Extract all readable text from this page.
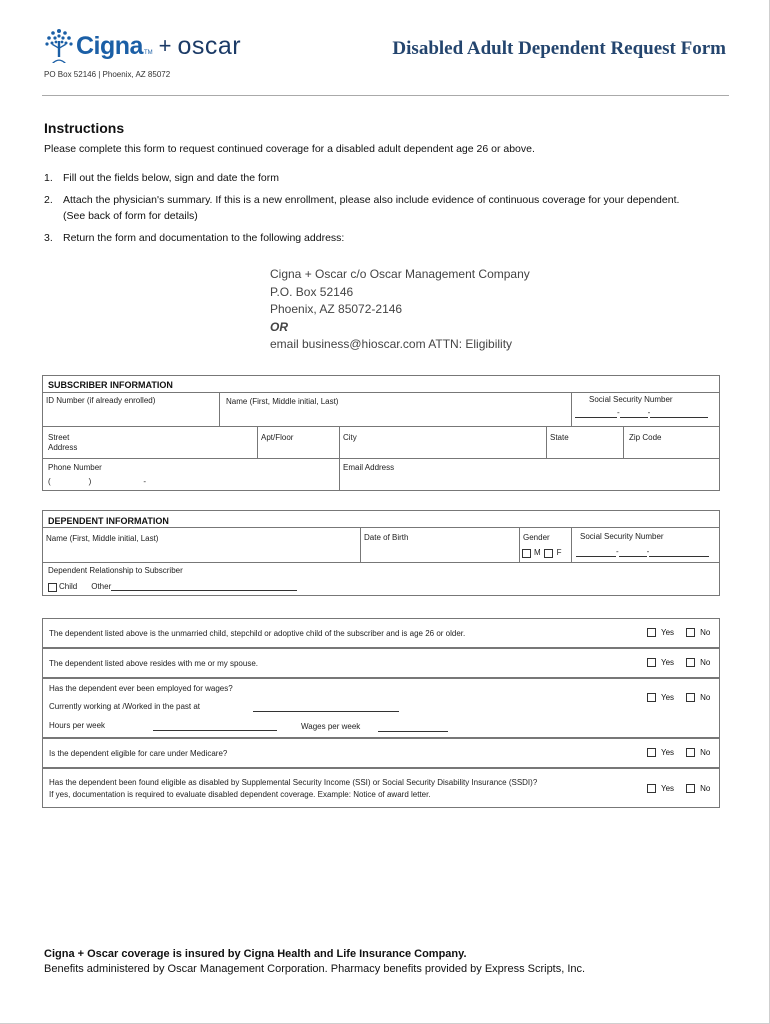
Cigna TM + oscar	Disabled Adult Dependent Request Form
PO Box 52146 | Phoenix, AZ 85072
Instructions
Please complete this form to request continued coverage for a disabled adult dependent age 26 or above.
1. Fill out the fields below, sign and date the form
2. Attach the physician's summary. If this is a new enrollment, please also include evidence of continuous coverage for your dependent. (See back of form for details)
3. Return the form and documentation to the following address:
Cigna + Oscar c/o Oscar Management Company
P.O. Box 52146
Phoenix, AZ 85072-2146
OR
email business@hioscar.com ATTN: Eligibility
SUBSCRIBER INFORMATION
ID Number (if already enrolled)	Name (First, Middle initial, Last)	Social Security Number
-	-
Street
Address
Apt/Floor	City	State	Zip Code
Phone Number
(	)	-
Email Address
DEPENDENT INFORMATION
Name (First, Middle initial, Last)	Date of Birth	Gender
M F
Social Security Number
-	-
Dependent Relationship to Subscriber
Child Other
The dependent listed above is the unmarried child, stepchild or adoptive child of the subscriber and is age 26 or older.	Yes	No
The dependent listed above resides with me or my spouse.	Yes	No
Has the dependent ever been employed for wages?
Currently working at /Worked in the past at
Hours per week	Wages per week
Yes	No
Is the dependent eligible for care under Medicare?	Yes	No
Has the dependent been found eligible as disabled by Supplemental Security Income (SSI) or Social Security Disability Insurance (SSDI)?
If yes, documentation is required to evaluate disabled dependent coverage. Example: Notice of award letter.
Yes	No
Cigna + Oscar coverage is insured by Cigna Health and Life Insurance Company.
Benefits administered by Oscar Management Corporation. Pharmacy benefits provided by Express Scripts, Inc.
